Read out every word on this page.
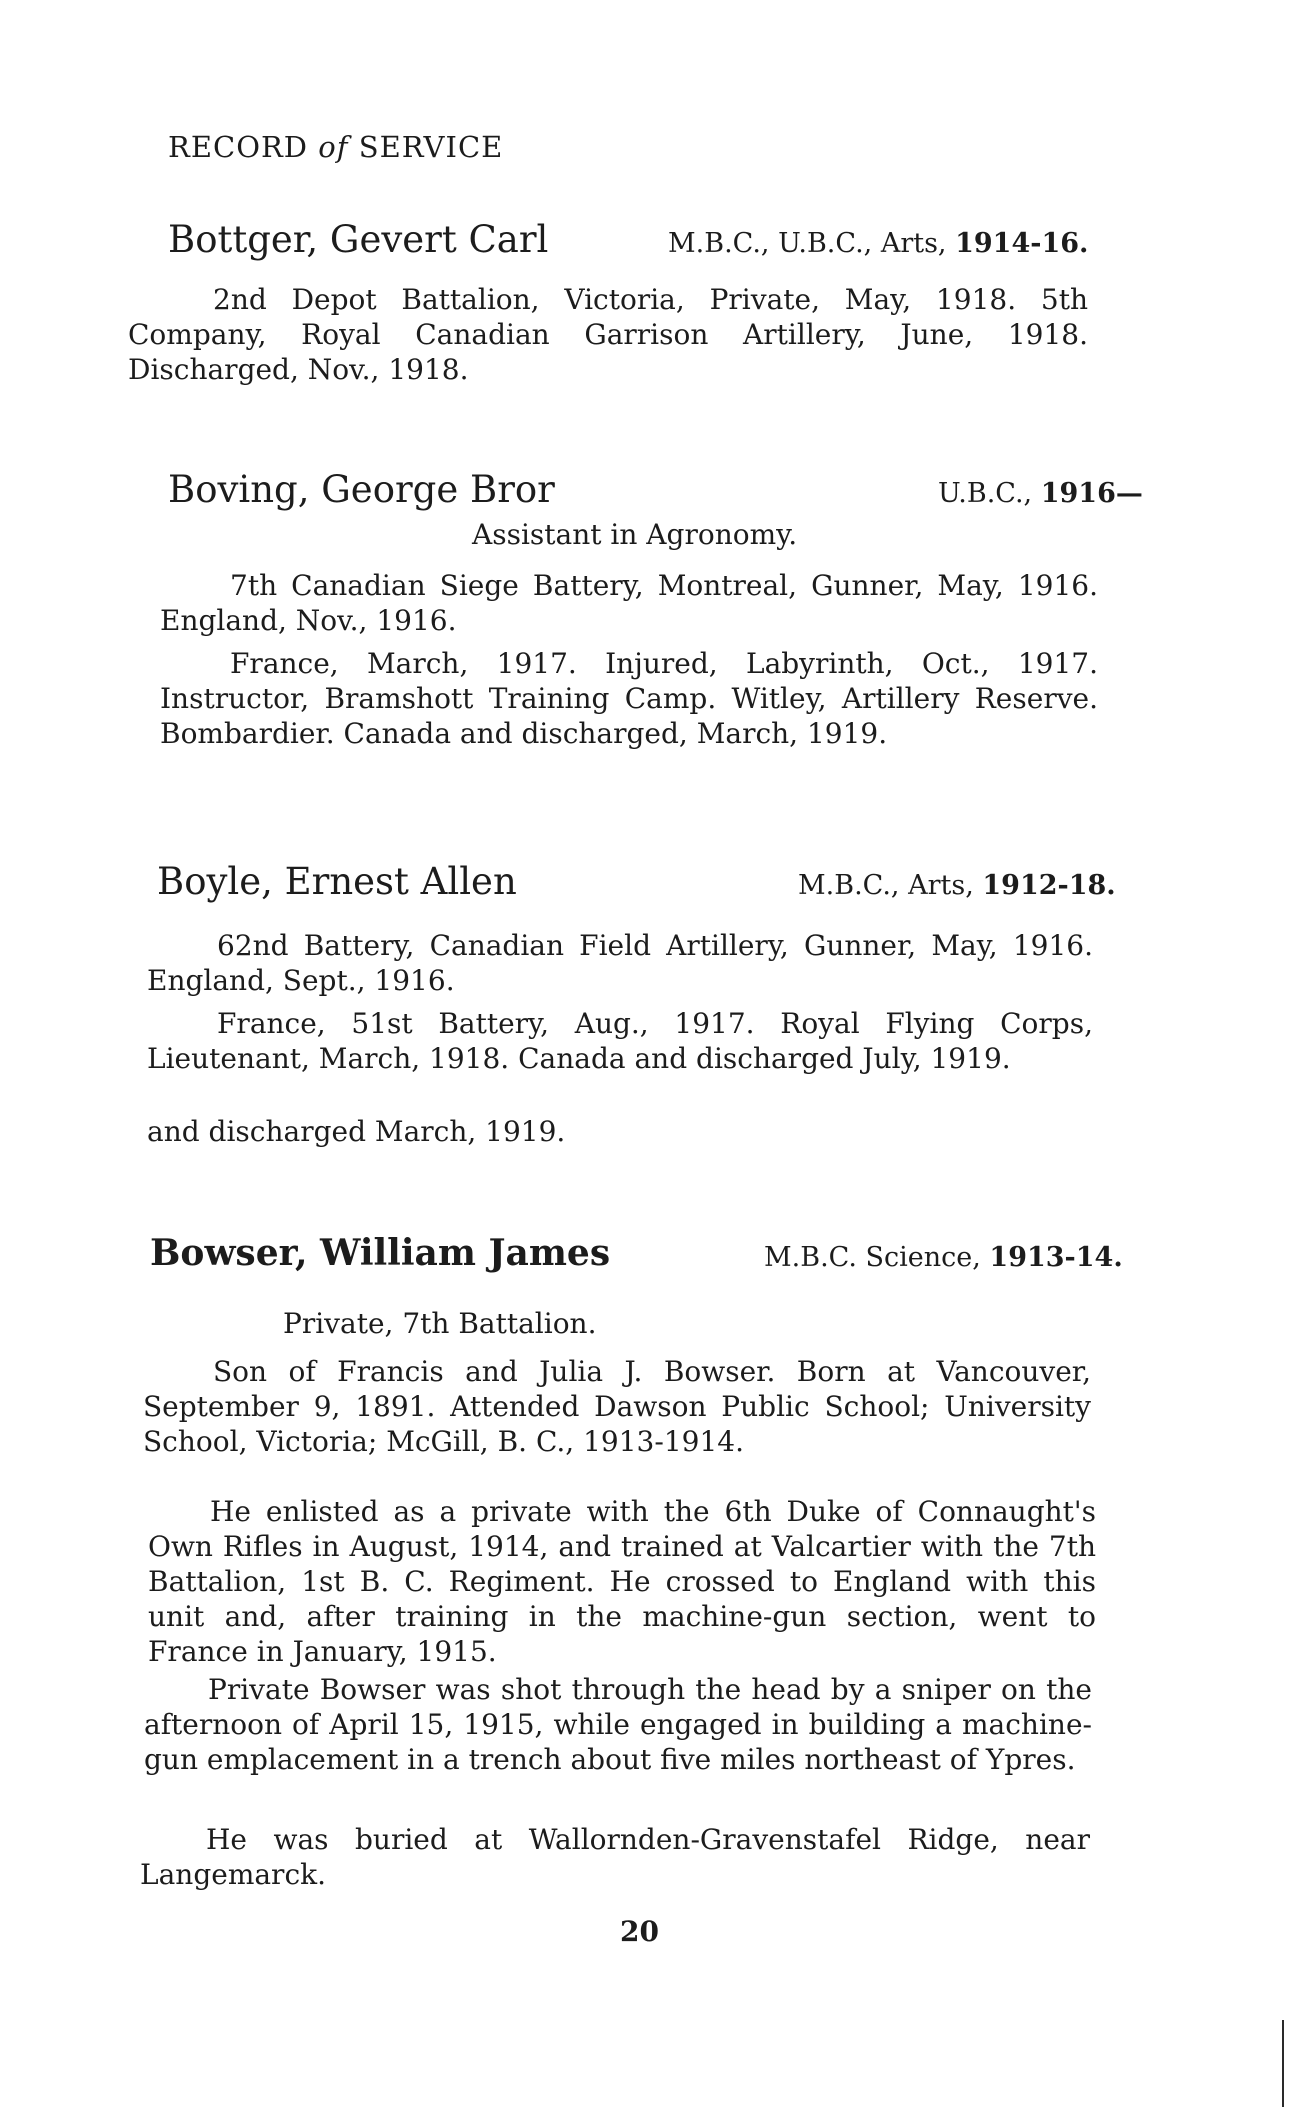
RECORD of SERVICE
Bottger, Gevert Carl	M.B.C., U.B.C., Arts, 1914-16.
2nd Depot Battalion, Victoria, Private, May, 1918. 5th Company, Royal Canadian Garrison Artillery, June, 1918. Discharged, Nov., 1918.
Boving, George Bror	U.B.C., 1916—
Assistant in Agronomy.
7th Canadian Siege Battery, Montreal, Gunner, May, 1916. England, Nov., 1916.
France, March, 1917. Injured, Labyrinth, Oct., 1917. Instructor, Bramshott Training Camp. Witley, Artillery Reserve. Bombardier. Canada and discharged, March, 1919.
Boyle, Ernest Allen	M.B.C., Arts, 1912-18.
62nd Battery, Canadian Field Artillery, Gunner, May, 1916. England, Sept., 1916.
France, 51st Battery, Aug., 1917. Royal Flying Corps, Lieutenant, March, 1918. Canada and discharged July, 1919.
and discharged March, 1919.
Bowser, William James	M.B.C. Science, 1913-14.
Private, 7th Battalion.
Son of Francis and Julia J. Bowser. Born at Vancouver, September 9, 1891. Attended Dawson Public School; University School, Victoria; McGill, B. C., 1913-1914.
He enlisted as a private with the 6th Duke of Connaught's Own Rifles in August, 1914, and trained at Valcartier with the 7th Battalion, 1st B. C. Regiment. He crossed to England with this unit and, after training in the machine-gun section, went to France in January, 1915.
Private Bowser was shot through the head by a sniper on the afternoon of April 15, 1915, while engaged in building a machine-gun emplacement in a trench about five miles northeast of Ypres.
He was buried at Wallornden-Gravenstafel Ridge, near Langemarck.
20
